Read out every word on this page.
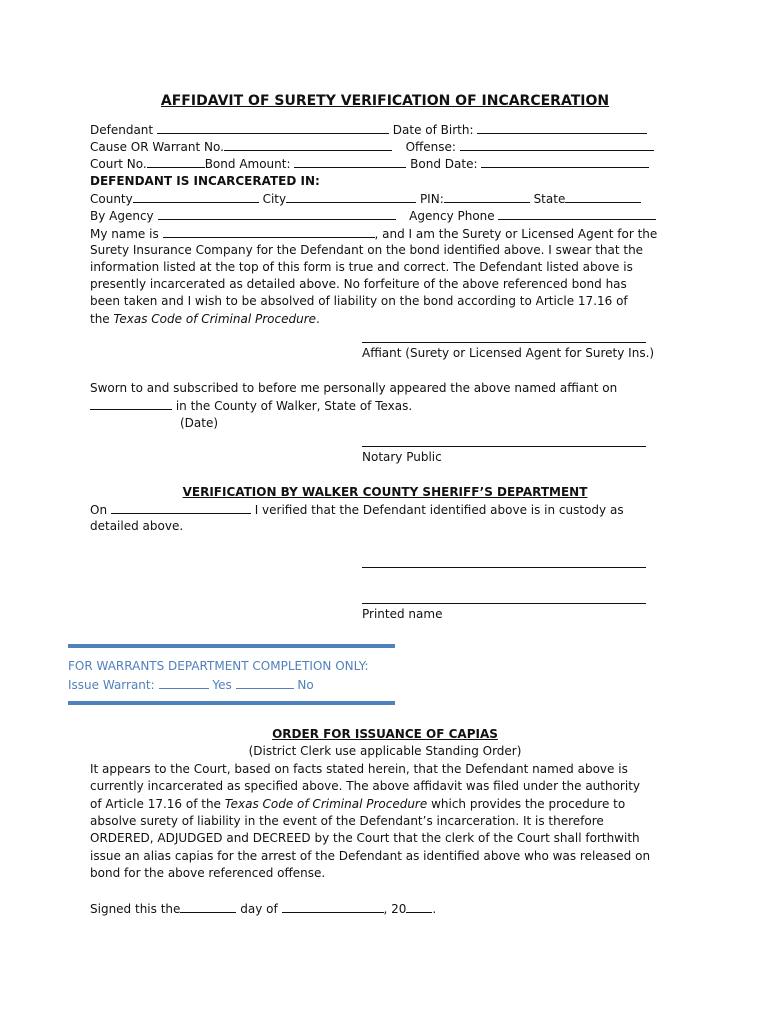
AFFIDAVIT OF SURETY VERIFICATION OF INCARCERATION
Defendant	Date of Birth:
Cause OR Warrant No.	Offense:
Court No.	Bond Amount:	Bond Date:
DEFENDANT IS INCARCERATED IN:
County	City	PIN:	State
By Agency	Agency Phone
My name is	, and I am the Surety or Licensed Agent for the
Surety Insurance Company for the Defendant on the bond identified above. I swear that the
information listed at the top of this form is true and correct. The Defendant listed above is
presently incarcerated as detailed above. No forfeiture of the above referenced bond has
been taken and I wish to be absolved of liability on the bond according to Article 17.16 of
the Texas Code of Criminal Procedure.
Affiant (Surety or Licensed Agent for Surety Ins.)
Sworn to and subscribed to before me personally appeared the above named affiant on
in the County of Walker, State of Texas.
(Date)
Notary Public
VERIFICATION BY WALKER COUNTY SHERIFF’S DEPARTMENT
On	I verified that the Defendant identified above is in custody as
detailed above.
Printed name
FOR WARRANTS DEPARTMENT COMPLETION ONLY:
Issue Warrant:	Yes	No
ORDER FOR ISSUANCE OF CAPIAS
(District Clerk use applicable Standing Order)
It appears to the Court, based on facts stated herein, that the Defendant named above is
currently incarcerated as specified above. The above affidavit was filed under the authority
of Article 17.16 of the Texas Code of Criminal Procedure which provides the procedure to
absolve surety of liability in the event of the Defendant’s incarceration. It is therefore
ORDERED, ADJUDGED and DECREED by the Court that the clerk of the Court shall forthwith
issue an alias capias for the arrest of the Defendant as identified above who was released on
bond for the above referenced offense.
Signed this the	day of	, 20 .
